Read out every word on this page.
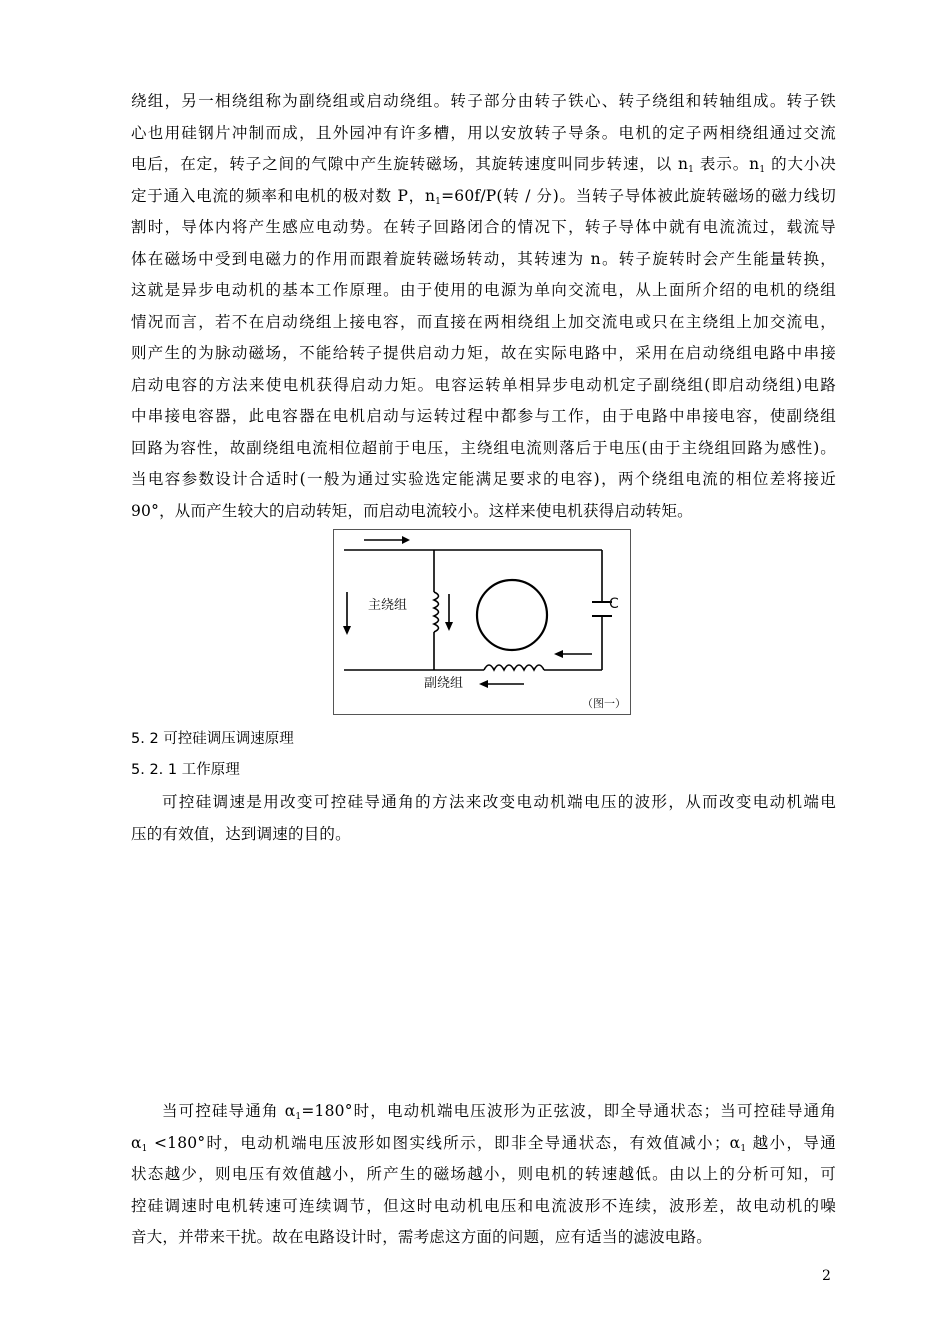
绕组，另一相绕组称为副绕组或启动绕组。转子部分由转子铁心、转子绕组和转轴组成。转子铁
心也用硅钢片冲制而成，且外园冲有许多槽，用以安放转子导条。电机的定子两相绕组通过交流
电后，在定，转子之间的气隙中产生旋转磁场，其旋转速度叫同步转速，以 $n_1$ 表示。$n_1$ 的大小决
定于通入电流的频率和电机的极对数 P，$n_1=60f/P$(转 / 分)。当转子导体被此旋转磁场的磁力线切
割时，导体内将产生感应电动势。在转子回路闭合的情况下，转子导体中就有电流流过，载流导
体在磁场中受到电磁力的作用而跟着旋转磁场转动，其转速为 n。转子旋转时会产生能量转换，
这就是异步电动机的基本工作原理。由于使用的电源为单向交流电，从上面所介绍的电机的绕组
情况而言，若不在启动绕组上接电容，而直接在两相绕组上加交流电或只在主绕组上加交流电，
则产生的为脉动磁场，不能给转子提供启动力矩，故在实际电路中，采用在启动绕组电路中串接
启动电容的方法来使电机获得启动力矩。电容运转单相异步电动机定子副绕组(即启动绕组)电路
中串接电容器，此电容器在电机启动与运转过程中都参与工作，由于电路中串接电容，使副绕组
回路为容性，故副绕组电流相位超前于电压，主绕组电流则落后于电压(由于主绕组回路为感性)。
当电容参数设计合适时(一般为通过实验选定能满足要求的电容)，两个绕组电流的相位差将接近
90°，从而产生较大的启动转矩，而启动电流较小。这样来使电机获得启动转矩。
主绕组
副绕组
C
（图一）

5. 2 可控硅调压调速原理

5. 2. 1 工作原理

可控硅调速是用改变可控硅导通角的方法来改变电动机端电压的波形，从而改变电动机端电
压的有效值，达到调速的目的。
当可控硅导通角 $\alpha_1=180^\circ$时，电动机端电压波形为正弦波，即全导通状态；当可控硅导通角
$\alpha_1 <180^\circ$时，电动机端电压波形如图实线所示，即非全导通状态，有效值减小；$\alpha_1$ 越小，导通
状态越少，则电压有效值越小，所产生的磁场越小，则电机的转速越低。由以上的分析可知，可
控硅调速时电机转速可连续调节，但这时电动机电压和电流波形不连续，波形差，故电动机的噪
音大，并带来干扰。故在电路设计时，需考虑这方面的问题，应有适当的滤波电路。
2
